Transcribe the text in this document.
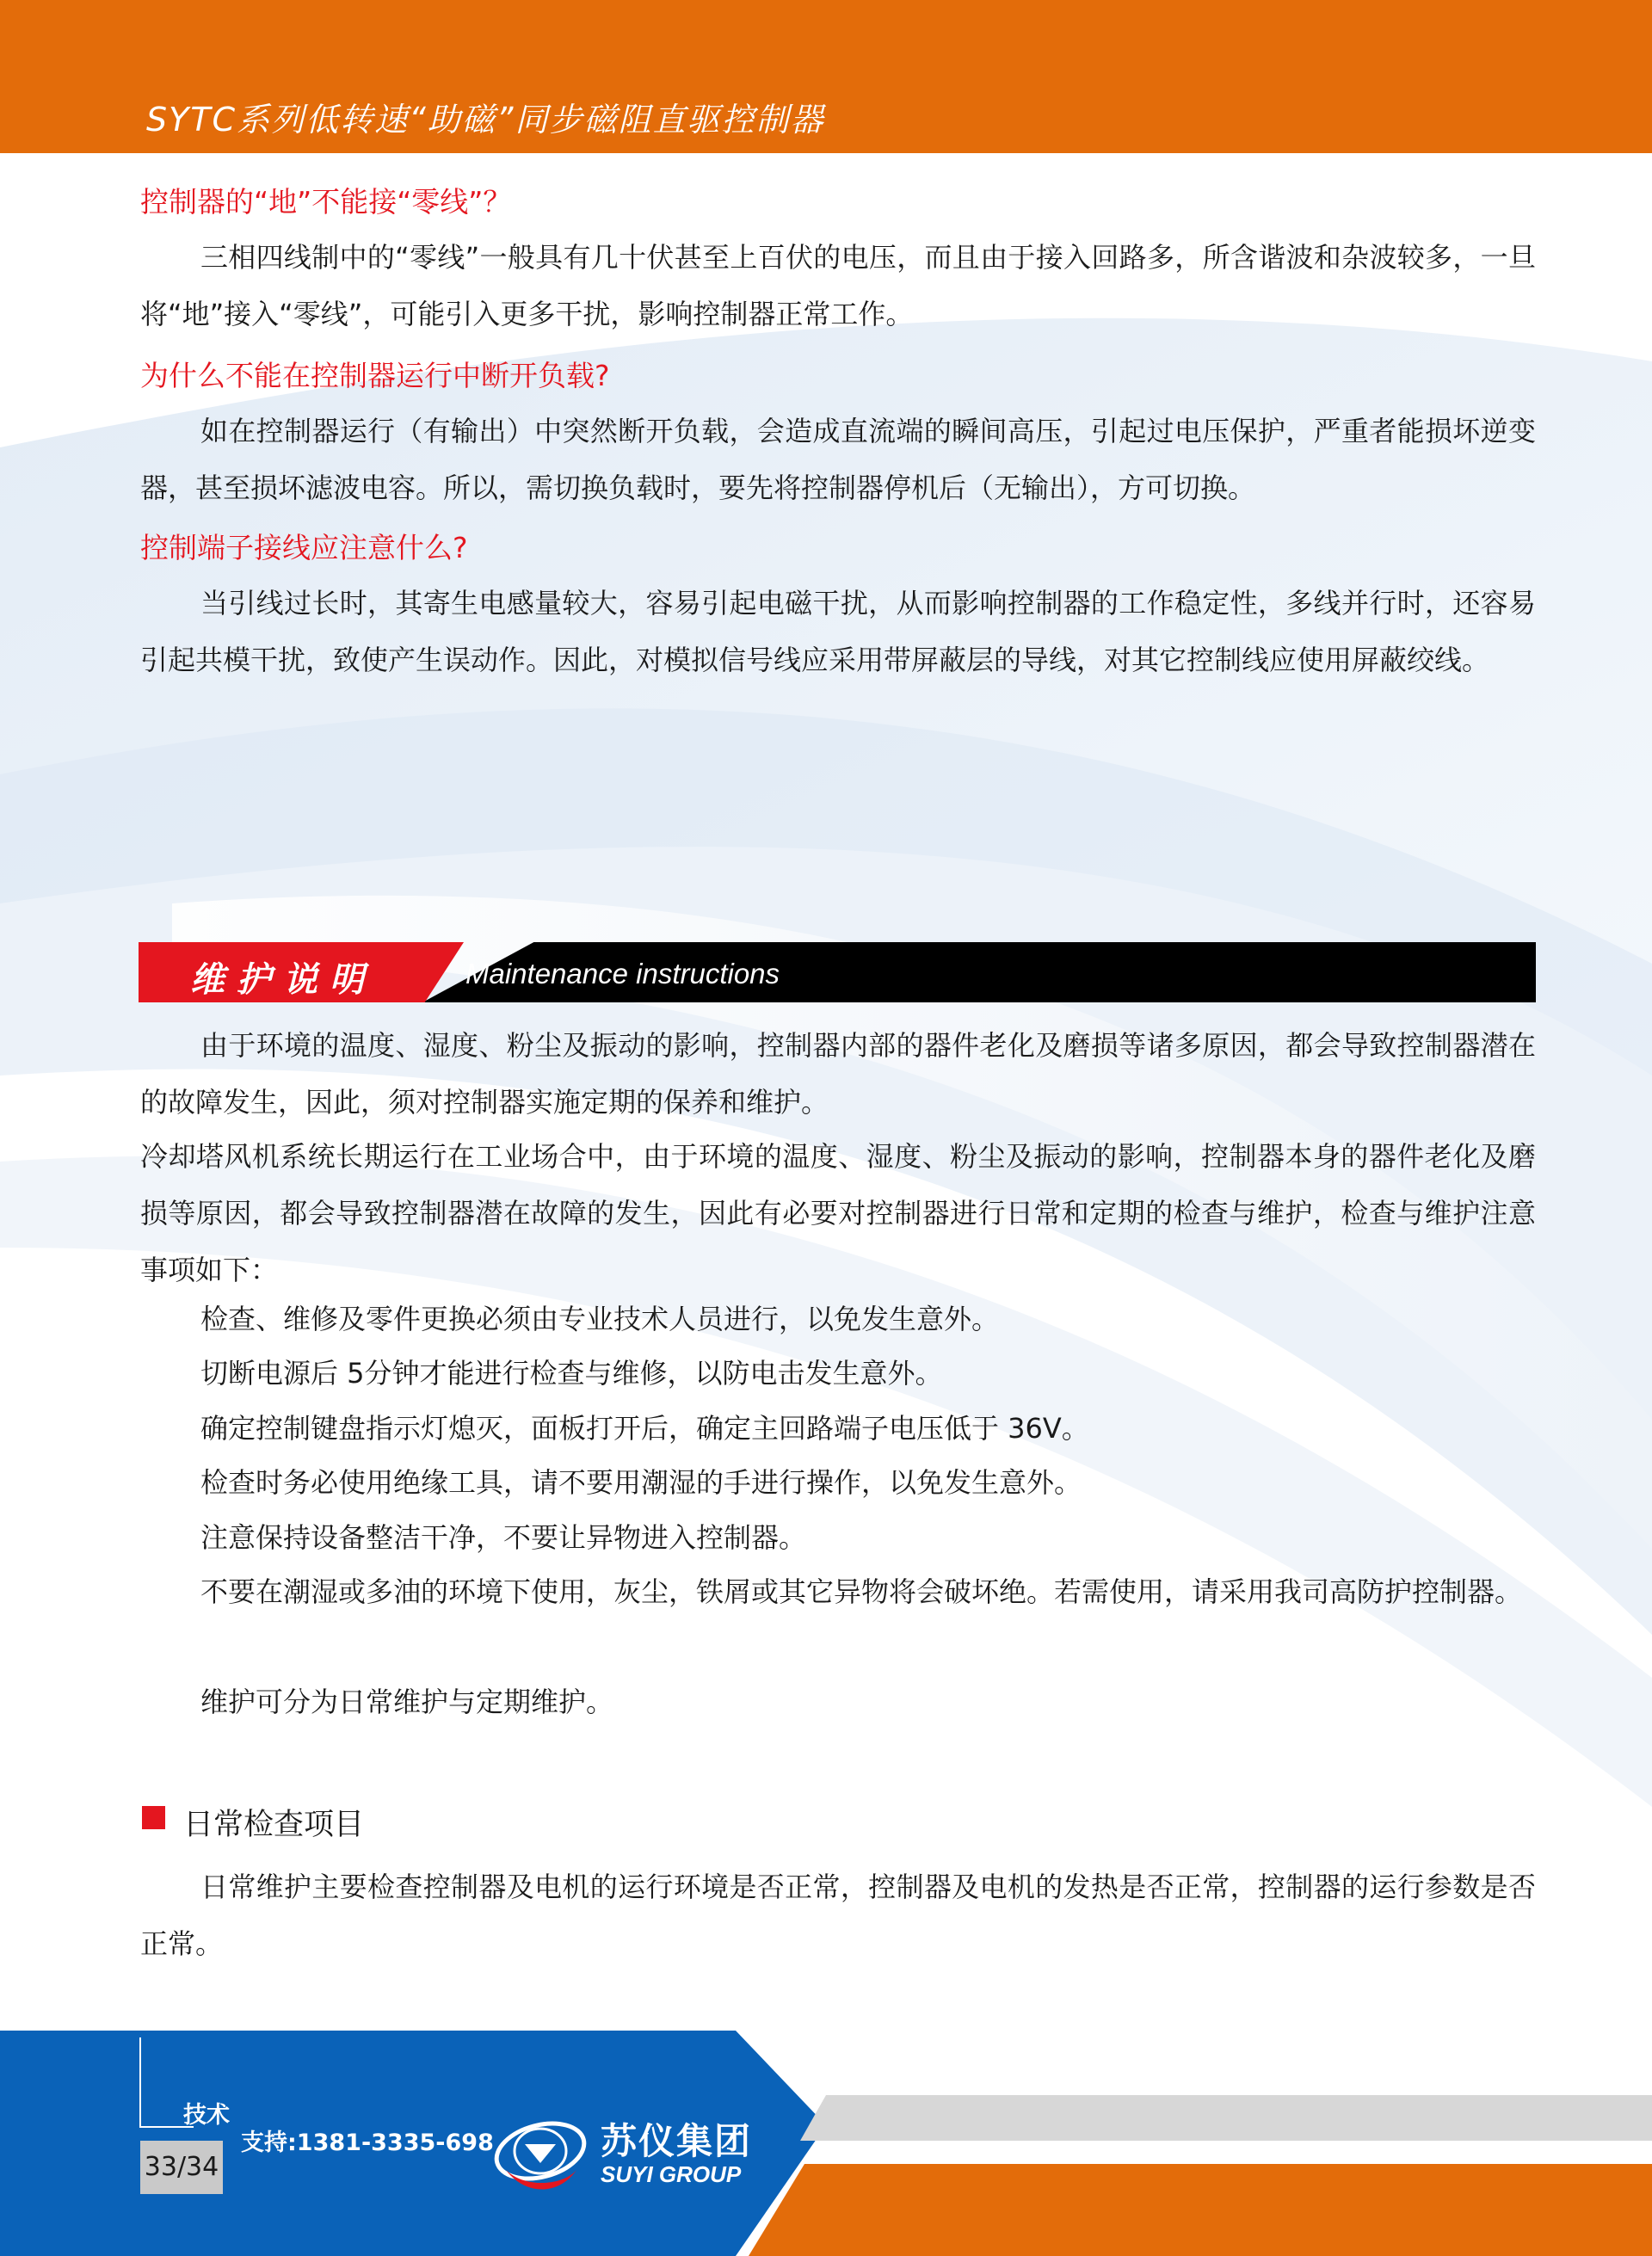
SYTC系列低转速“助磁”同步磁阻直驱控制器
控制器的“地”不能接“零线”？

三相四线制中的“零线”一般具有几十伏甚至上百伏的电压，而且由于接入回路多，所含谐波和杂波较多，一旦将“地”接入“零线”，可能引入更多干扰，影响控制器正常工作。

为什么不能在控制器运行中断开负载?

如在控制器运行（有输出）中突然断开负载，会造成直流端的瞬间高压，引起过电压保护，严重者能损坏逆变器，甚至损坏滤波电容。所以，需切换负载时，要先将控制器停机后（无输出），方可切换。

控制端子接线应注意什么?

当引线过长时，其寄生电感量较大，容易引起电磁干扰，从而影响控制器的工作稳定性，多线并行时，还容易引起共模干扰，致使产生误动作。因此，对模拟信号线应采用带屏蔽层的导线，对其它控制线应使用屏蔽绞线。

维护说明	Maintenance instructions

由于环境的温度、湿度、粉尘及振动的影响，控制器内部的器件老化及磨损等诸多原因，都会导致控制器潜在的故障发生，因此，须对控制器实施定期的保养和维护。

冷却塔风机系统长期运行在工业场合中，由于环境的温度、湿度、粉尘及振动的影响，控制器本身的器件老化及磨损等原因，都会导致控制器潜在故障的发生，因此有必要对控制器进行日常和定期的检查与维护，检查与维护注意事项如下：

检查、维修及零件更换必须由专业技术人员进行，以免发生意外。

切断电源后 5分钟才能进行检查与维修，以防电击发生意外。

确定控制键盘指示灯熄灭，面板打开后，确定主回路端子电压低于 36V。

检查时务必使用绝缘工具，请不要用潮湿的手进行操作，以免发生意外。

注意保持设备整洁干净，不要让异物进入控制器。

不要在潮湿或多油的环境下使用，灰尘，铁屑或其它异物将会破坏绝。若需使用，请采用我司高防护控制器。

维护可分为日常维护与定期维护。

日常检查项目

日常维护主要检查控制器及电机的运行环境是否正常，控制器及电机的发热是否正常，控制器的运行参数是否正常。

技术
支持:1381-3335-698
33/34
苏仪集团
SUYI GROUP
